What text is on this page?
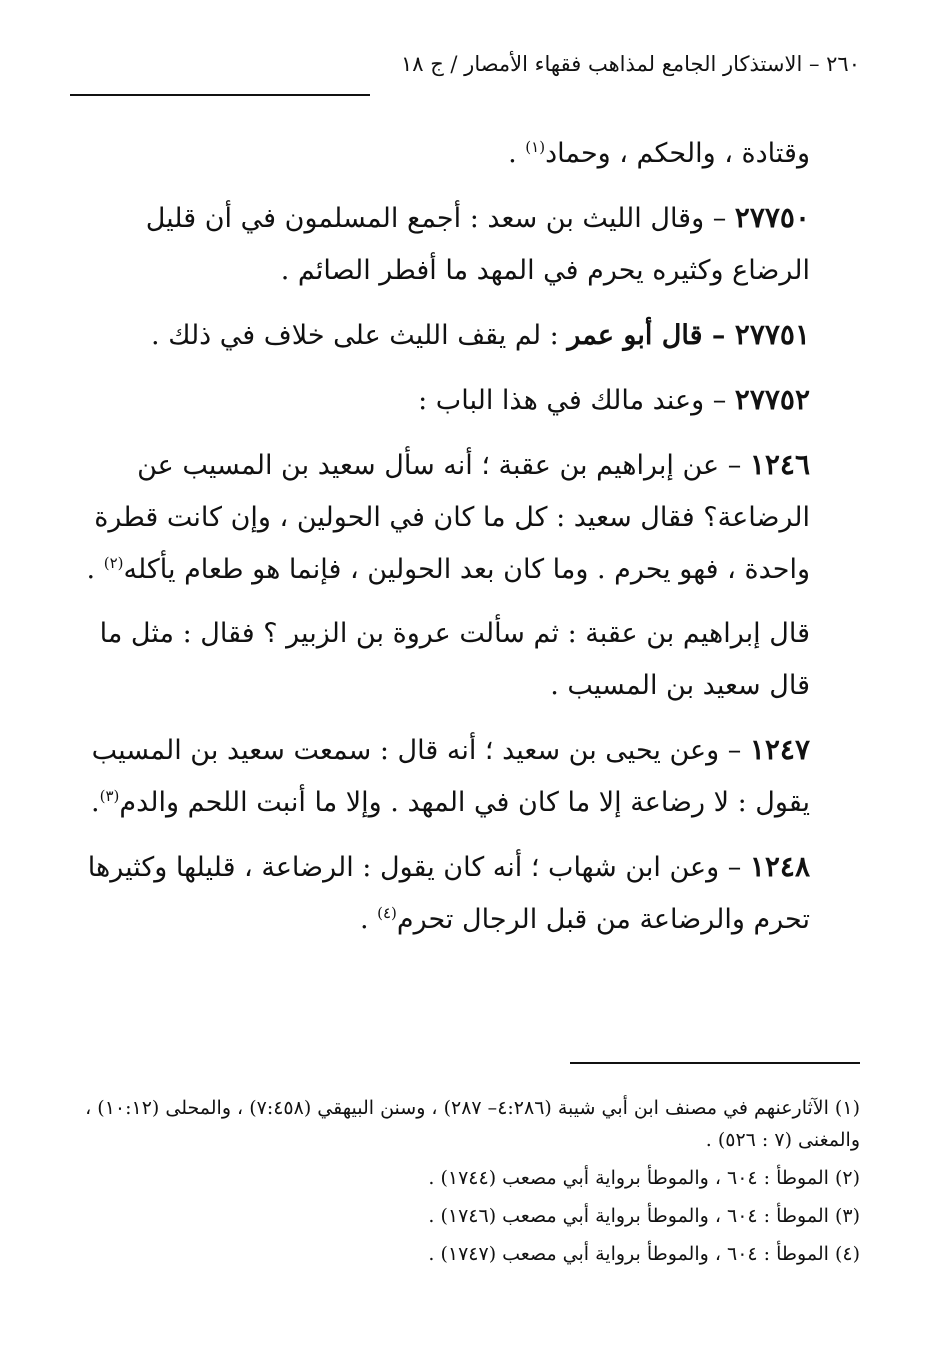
٢٦٠ – الاستذكار الجامع لمذاهب فقهاء الأمصار / ج ١٨

وقتادة ، والحكم ، وحماد$^{(١)}$ .

٢٧٧٥٠ – وقال الليث بن سعد : أجمع المسلمون في أن قليل الرضاع وكثيره يحرم في المهد ما أفطر الصائم .

٢٧٧٥١ – قال أبو عمر : لم يقف الليث على خلاف في ذلك .

٢٧٧٥٢ – وعند مالك في هذا الباب :

١٢٤٦ – عن إبراهيم بن عقبة ؛ أنه سأل سعيد بن المسيب عن الرضاعة؟ فقال سعيد : كل ما كان في الحولين ، وإن كانت قطرة واحدة ، فهو يحرم . وما كان بعد الحولين ، فإنما هو طعام يأكله$^{(٢)}$ .

قال إبراهيم بن عقبة : ثم سألت عروة بن الزبير ؟ فقال : مثل ما قال سعيد بن المسيب .

١٢٤٧ – وعن يحيى بن سعيد ؛ أنه قال : سمعت سعيد بن المسيب يقول : لا رضاعة إلا ما كان في المهد . وإلا ما أنبت اللحم والدم$^{(٣)}$.

١٢٤٨ – وعن ابن شهاب ؛ أنه كان يقول : الرضاعة ، قليلها وكثيرها تحرم والرضاعة من قبل الرجال تحرم$^{(٤)}$ .

(١) الآثارعنهم في مصنف ابن أبي شيبة (٤:٢٨٦– ٢٨٧) ، وسنن البيهقي (٧:٤٥٨) ، والمحلى (١٠:١٢) ، والمغنى (٧ : ٥٢٦) .

(٢) الموطأ : ٦٠٤ ، والموطأ برواية أبي مصعب (١٧٤٤) .

(٣) الموطأ : ٦٠٤ ، والموطأ برواية أبي مصعب (١٧٤٦) .

(٤) الموطأ : ٦٠٤ ، والموطأ برواية أبي مصعب (١٧٤٧) .
